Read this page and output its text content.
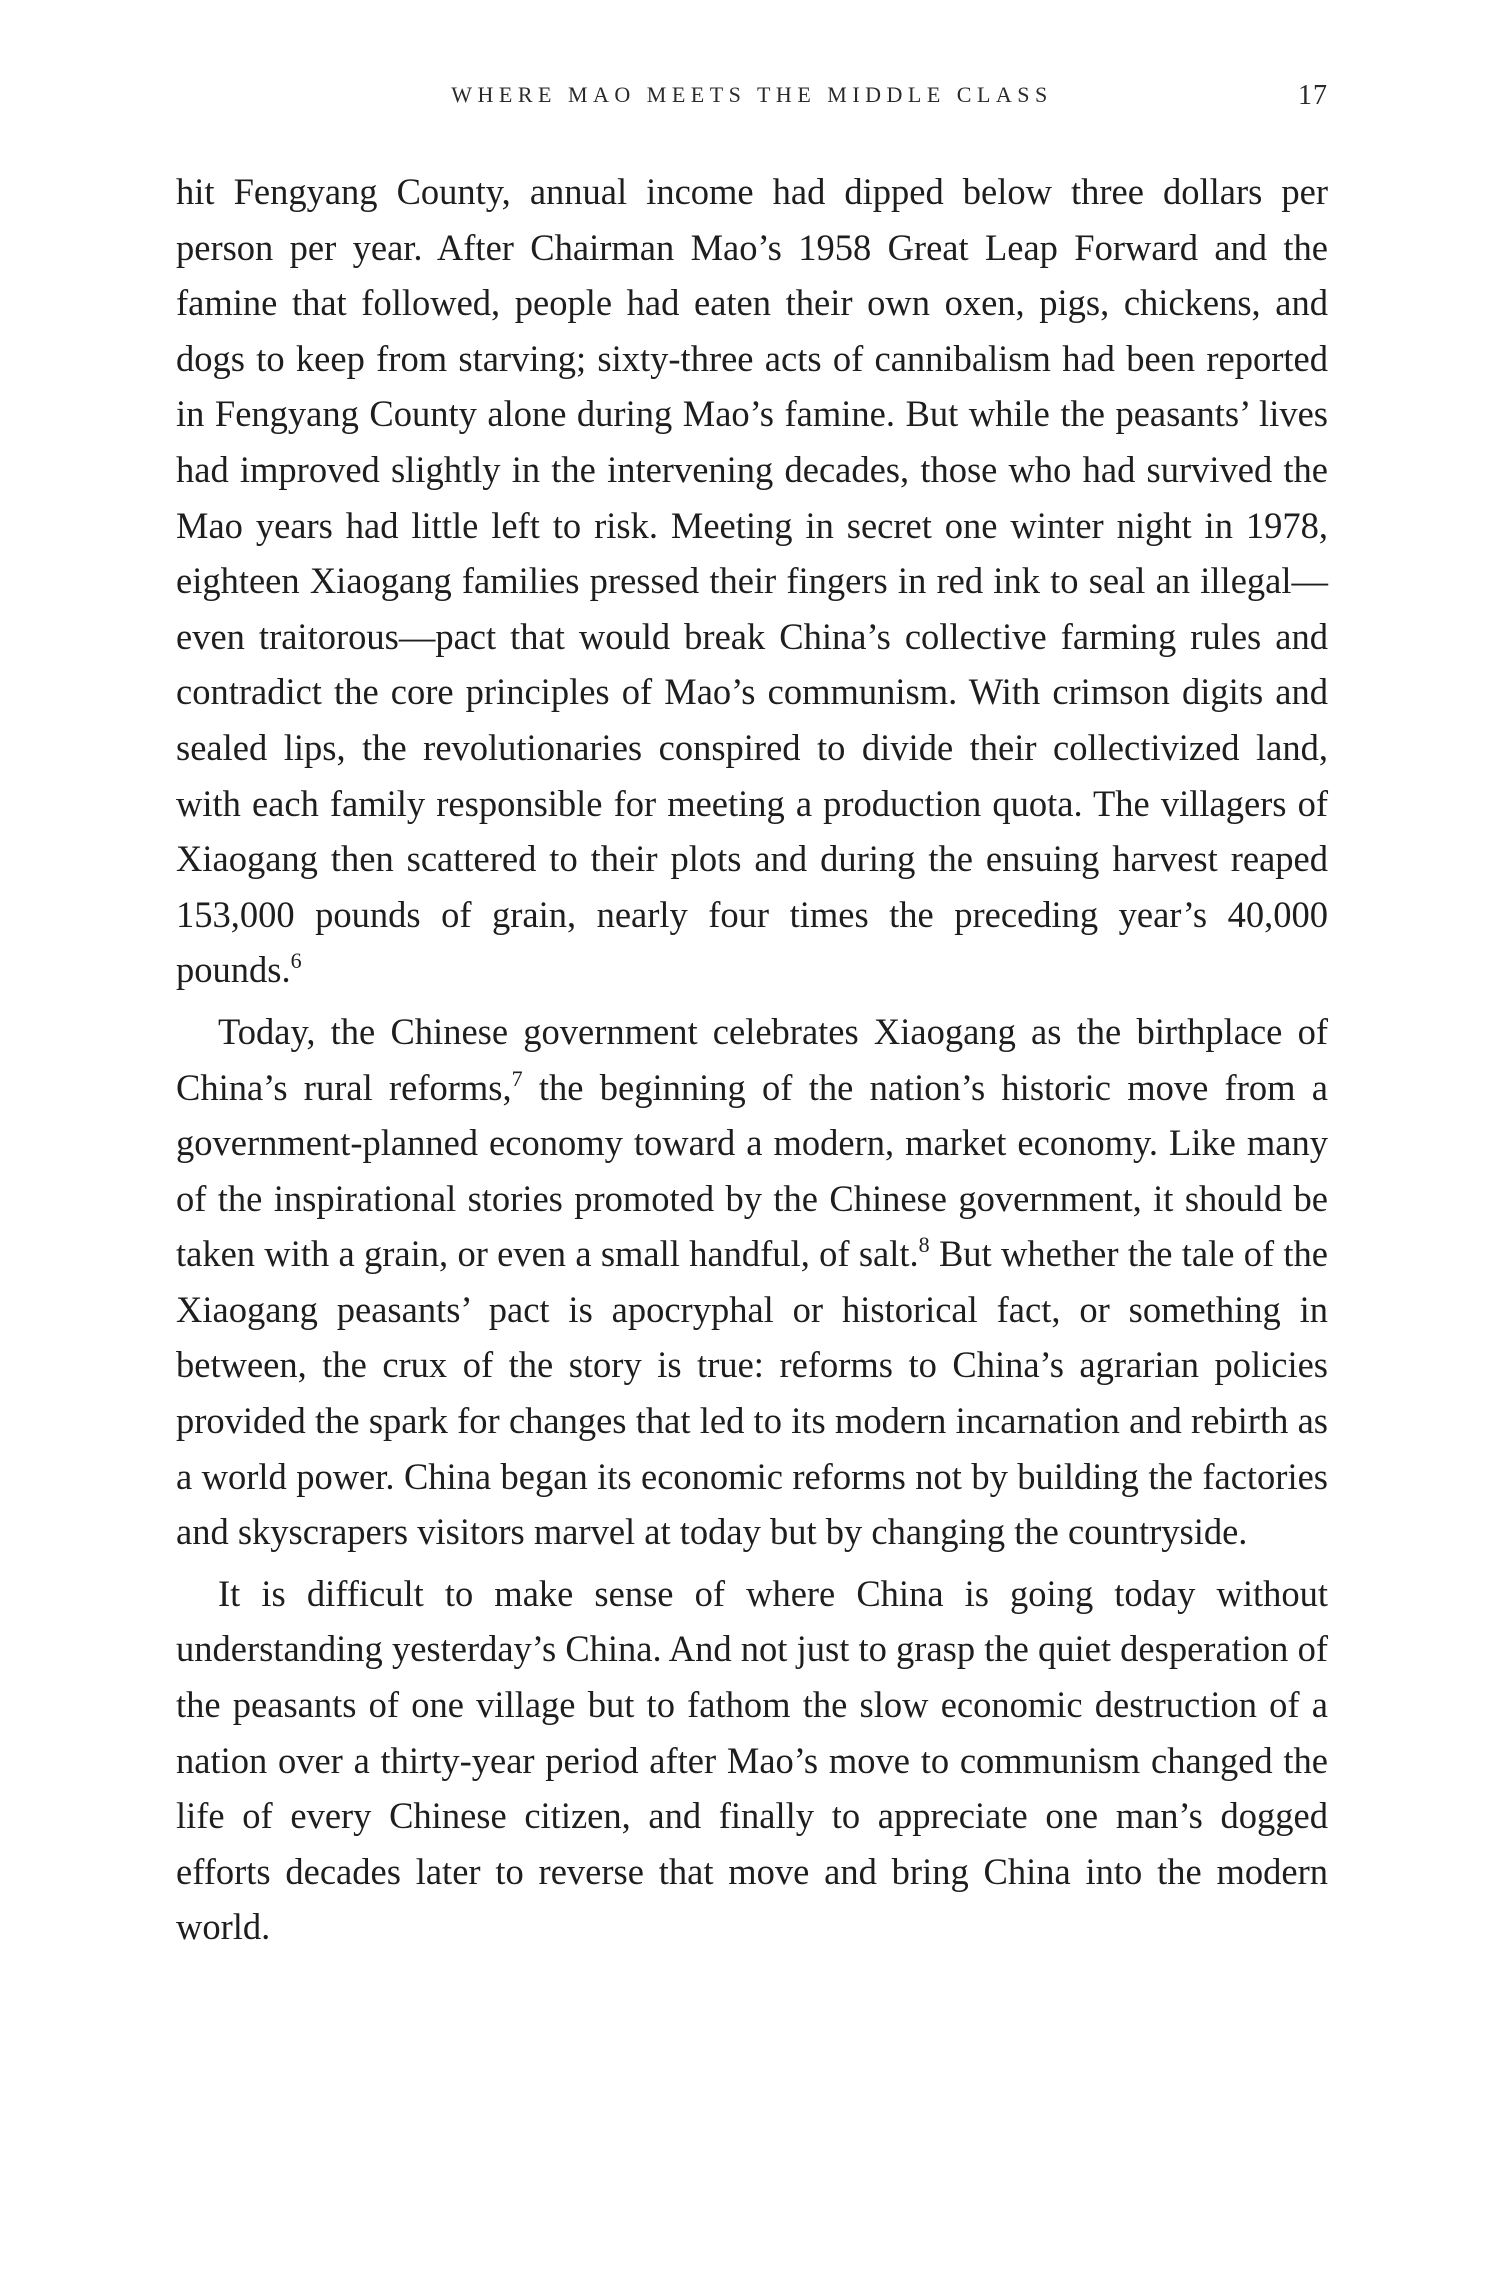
WHERE MAO MEETS THE MIDDLE CLASS	17

hit Fengyang County, annual income had dipped below three dollars per person per year. After Chairman Mao’s 1958 Great Leap Forward and the famine that followed, people had eaten their own oxen, pigs, chickens, and dogs to keep from starving; sixty-three acts of cannibalism had been reported in Fengyang County alone during Mao’s famine. But while the peasants’ lives had improved slightly in the intervening decades, those who had survived the Mao years had little left to risk. Meeting in secret one winter night in 1978, eighteen Xiaogang families pressed their fingers in red ink to seal an illegal—even traitorous—pact that would break China’s collective farming rules and contradict the core principles of Mao’s communism. With crimson digits and sealed lips, the revolutionaries conspired to divide their collectivized land, with each family responsible for meeting a production quota. The villagers of Xiaogang then scattered to their plots and during the ensuing harvest reaped 153,000 pounds of grain, nearly four times the preceding year’s 40,000 pounds.$^6$

Today, the Chinese government celebrates Xiaogang as the birthplace of China’s rural reforms,$^7$ the beginning of the nation’s historic move from a government-planned economy toward a modern, market economy. Like many of the inspirational stories promoted by the Chinese government, it should be taken with a grain, or even a small handful, of salt.$^8$ But whether the tale of the Xiaogang peasants’ pact is apocryphal or historical fact, or something in between, the crux of the story is true: reforms to China’s agrarian policies provided the spark for changes that led to its modern incarnation and rebirth as a world power. China began its economic reforms not by building the factories and skyscrapers visitors marvel at today but by changing the countryside.

It is difficult to make sense of where China is going today without understanding yesterday’s China. And not just to grasp the quiet desperation of the peasants of one village but to fathom the slow economic destruction of a nation over a thirty-year period after Mao’s move to communism changed the life of every Chinese citizen, and finally to appreciate one man’s dogged efforts decades later to reverse that move and bring China into the modern world.
